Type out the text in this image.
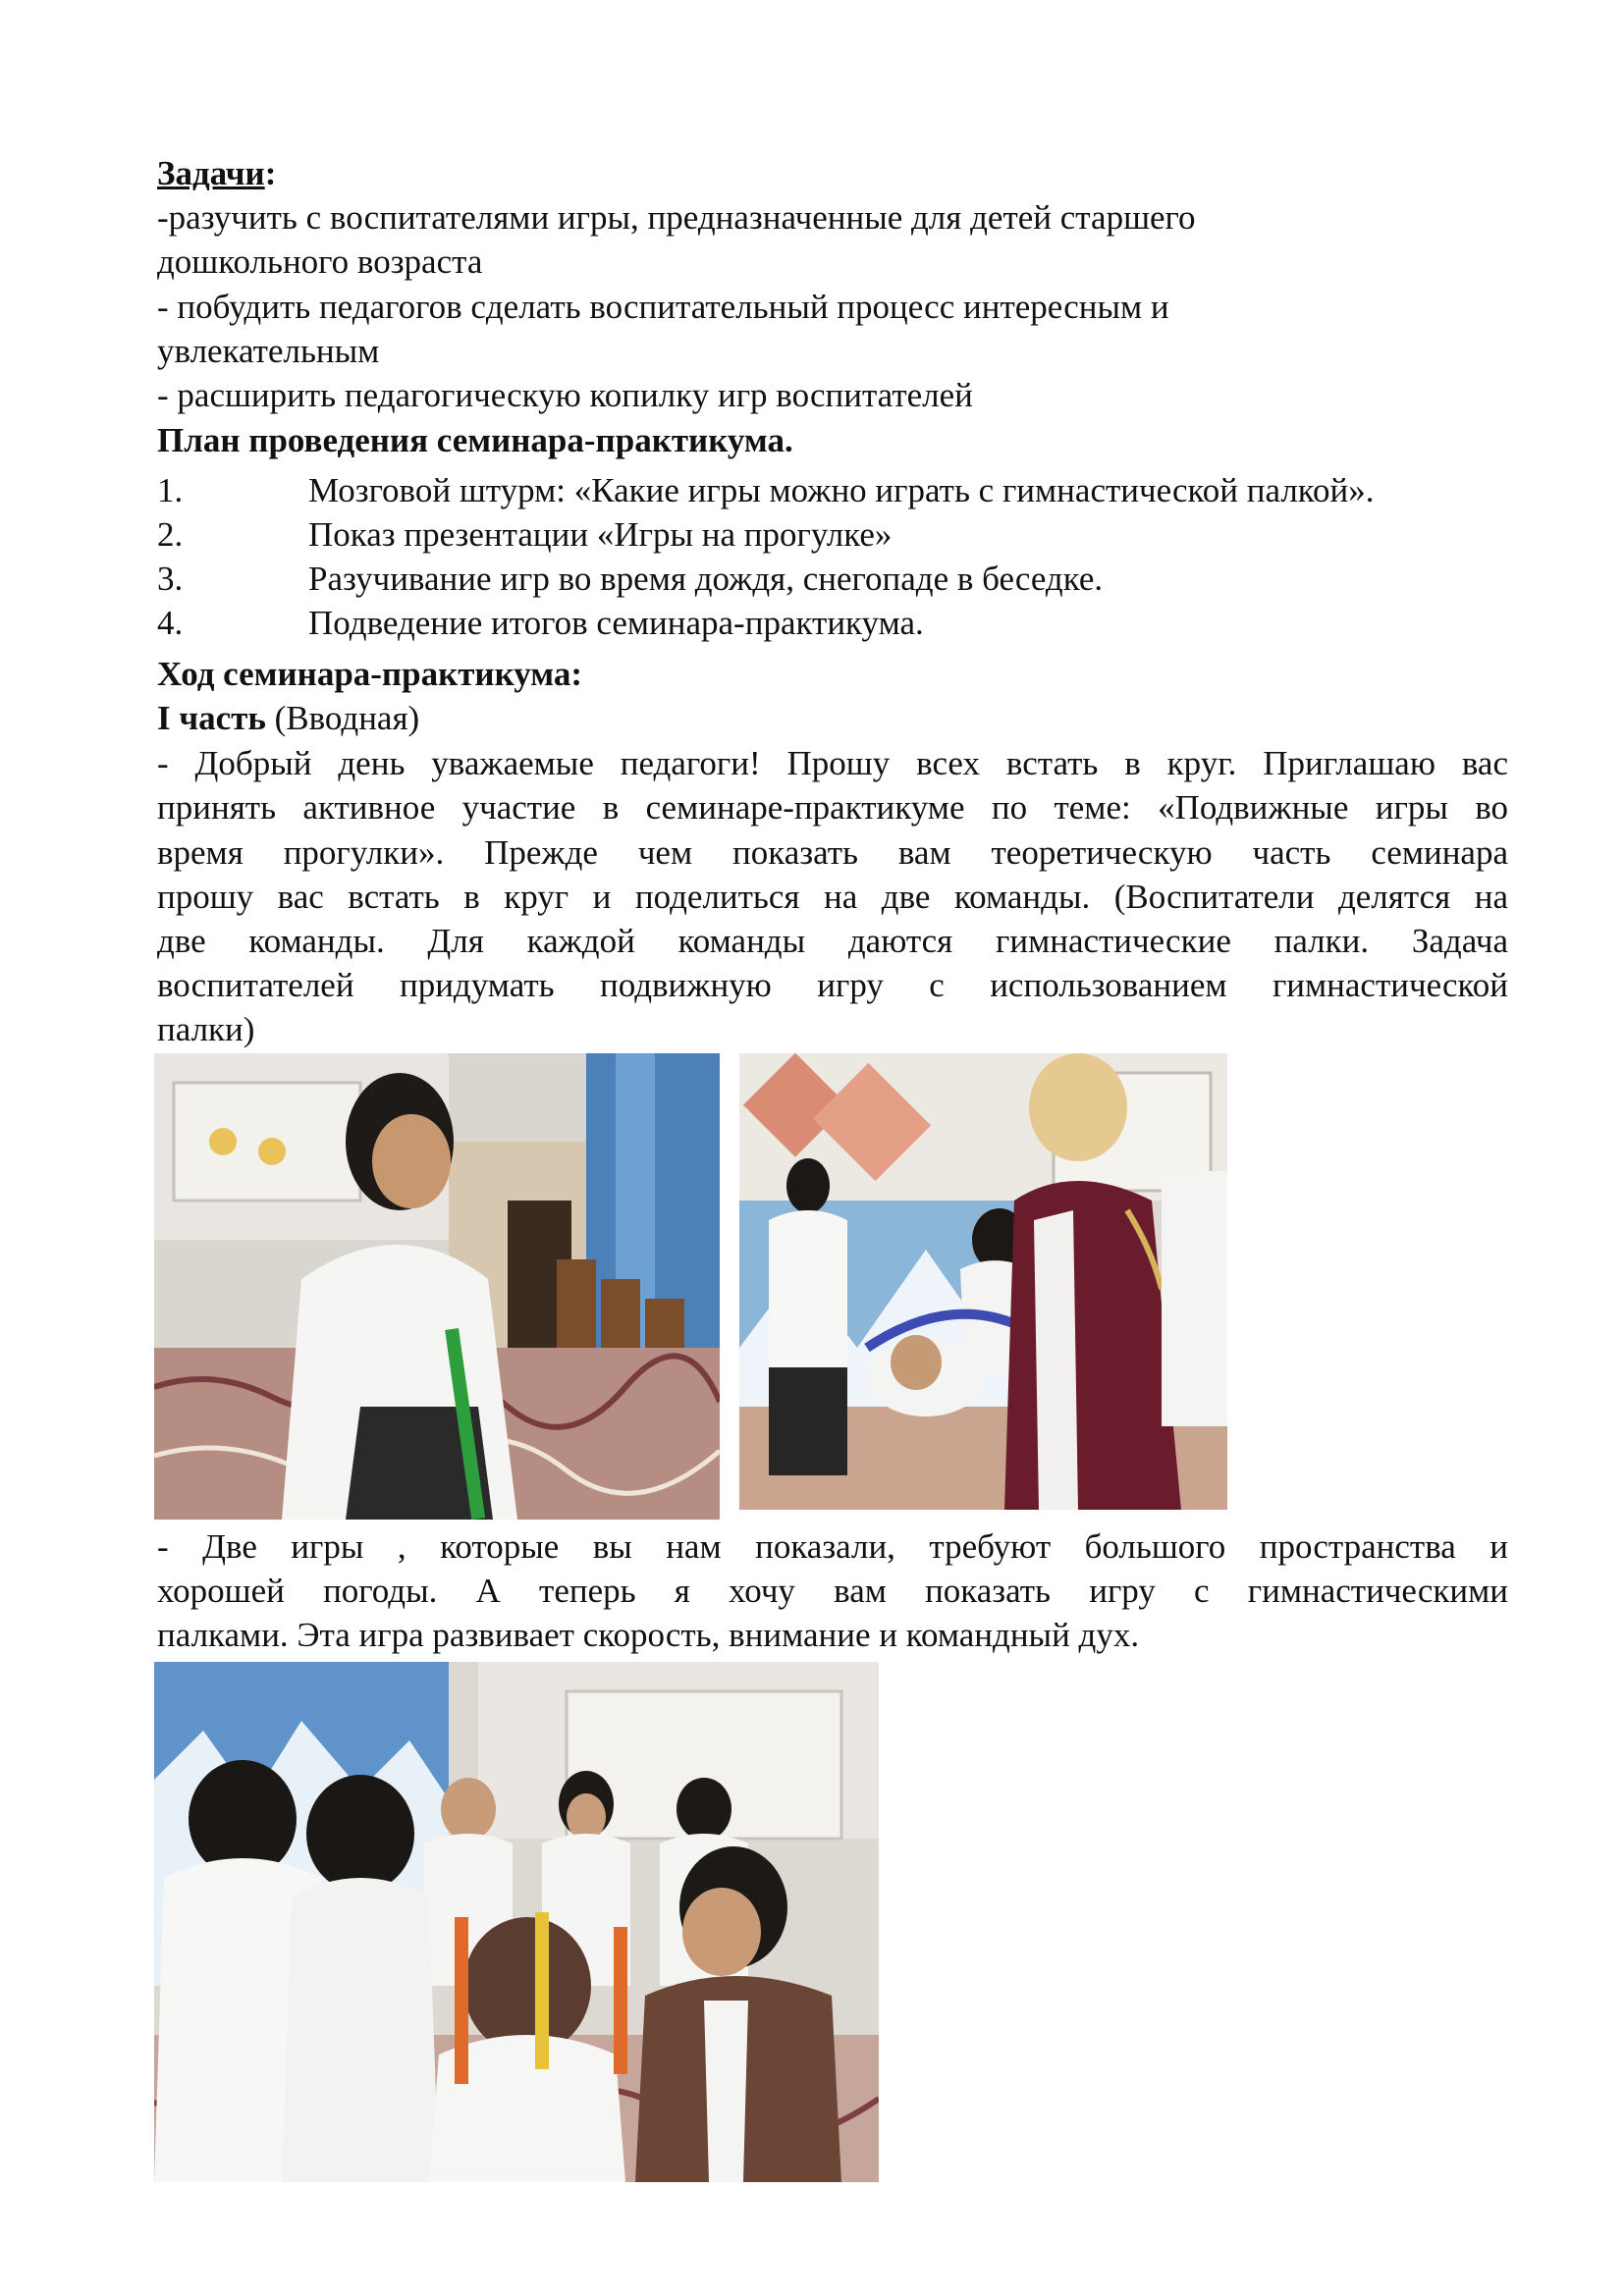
Задачи:
-разучить с воспитателями игры, предназначенные для детей старшего
дошкольного возраста
- побудить педагогов сделать воспитательный процесс интересным и
увлекательным
- расширить педагогическую копилку игр воспитателей
План проведения семинара-практикума.
1.	Мозговой штурм: «Какие игры можно играть с гимнастической палкой».
2.	Показ презентации «Игры на прогулке»
3.	Разучивание игр во время дождя, снегопаде в беседке.
4.	Подведение итогов семинара-практикума.
Ход семинара-практикума:
I часть (Вводная)
- Добрый день уважаемые педагоги! Прошу всех встать в круг. Приглашаю вас
принять активное участие в семинаре-практикуме по теме: «Подвижные игры во
время прогулки». Прежде чем показать вам теоретическую часть семинара
прошу вас встать в круг и поделиться на две команды. (Воспитатели делятся на
две команды. Для каждой команды даются гимнастические палки. Задача
воспитателей придумать подвижную игру с использованием гимнастической
палки)
- Две игры , которые вы нам показали, требуют большого пространства и
хорошей погоды. А теперь я хочу вам показать игру с гимнастическими
палками. Эта игра развивает скорость, внимание и командный дух.
